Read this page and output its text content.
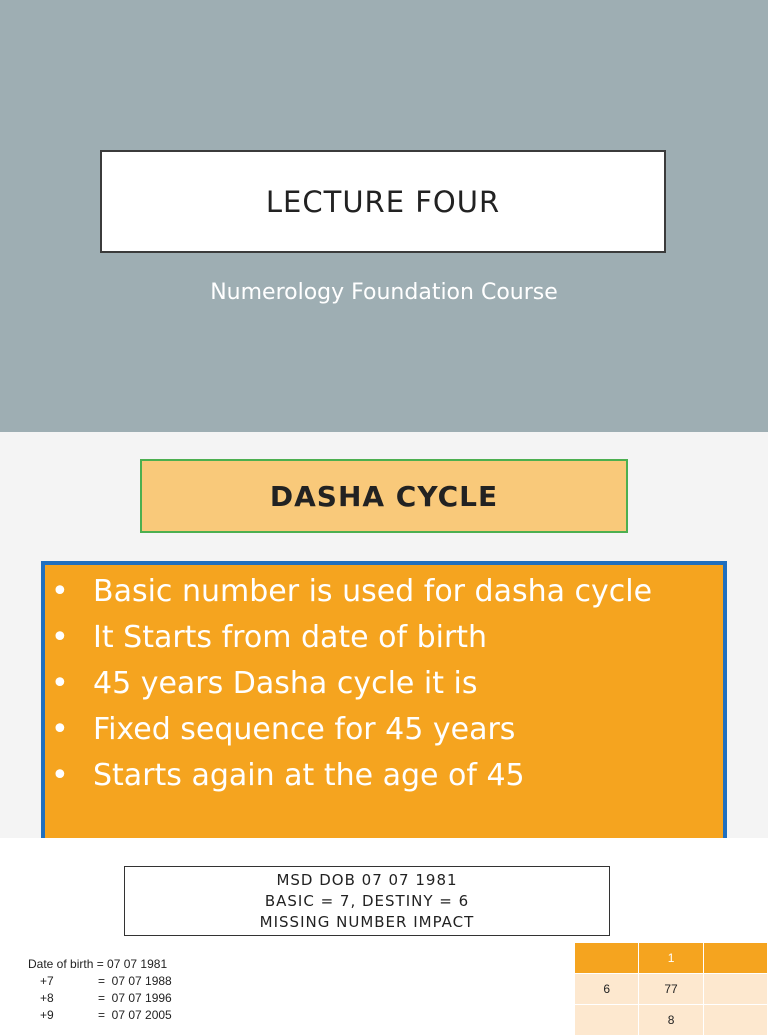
LECTURE FOUR
Numerology Foundation Course
DASHA CYCLE
• Basic number is used for dasha cycle
• It Starts from date of birth
• 45 years Dasha cycle it is
• Fixed sequence for 45 years
• Starts again at the age of 45
MSD DOB 07 07 1981
BASIC = 7, DESTINY = 6
MISSING NUMBER IMPACT
Date of birth = 07 07 1981
+7	=  07 07 1988
+8	=  07 07 1996
+9	=  07 07 2005
	1	
6	77	
	8	
